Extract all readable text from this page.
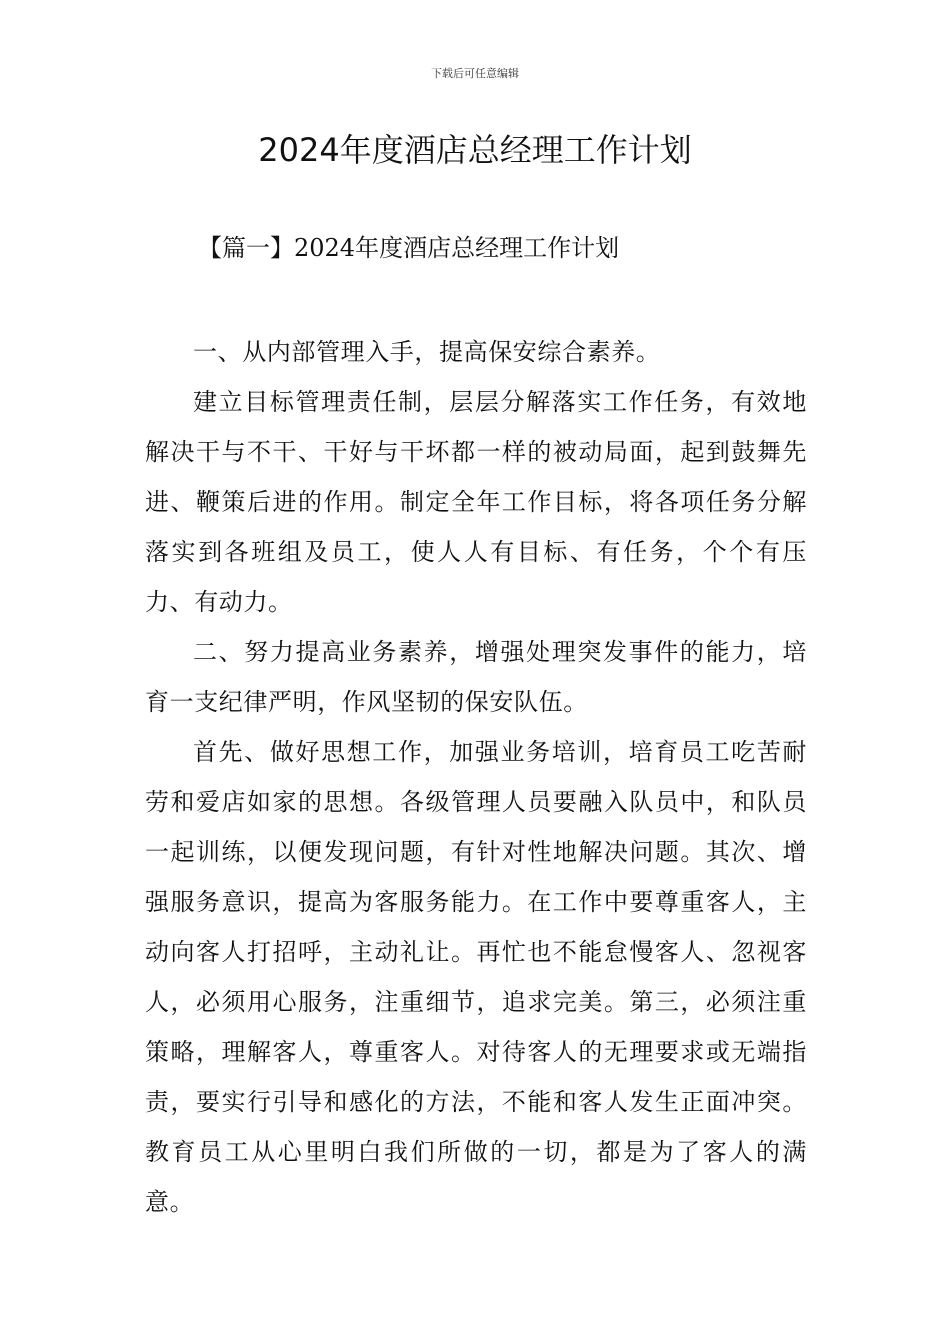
下载后可任意编辑
2024年度酒店总经理工作计划
【篇一】2024年度酒店总经理工作计划

一、从内部管理入手，提高保安综合素养。

建立目标管理责任制，层层分解落实工作任务，有效地解决干与不干、干好与干坏都一样的被动局面，起到鼓舞先进、鞭策后进的作用。制定全年工作目标，将各项任务分解落实到各班组及员工，使人人有目标、有任务，个个有压力、有动力。

二、努力提高业务素养，增强处理突发事件的能力，培育一支纪律严明，作风坚韧的保安队伍。

首先、做好思想工作，加强业务培训，培育员工吃苦耐劳和爱店如家的思想。各级管理人员要融入队员中，和队员一起训练，以便发现问题，有针对性地解决问题。其次、增强服务意识，提高为客服务能力。在工作中要尊重客人，主动向客人打招呼，主动礼让。再忙也不能怠慢客人、忽视客人，必须用心服务，注重细节，追求完美。第三，必须注重策略，理解客人，尊重客人。对待客人的无理要求或无端指责，要实行引导和感化的方法，不能和客人发生正面冲突。教育员工从心里明白我们所做的一切，都是为了客人的满意。
